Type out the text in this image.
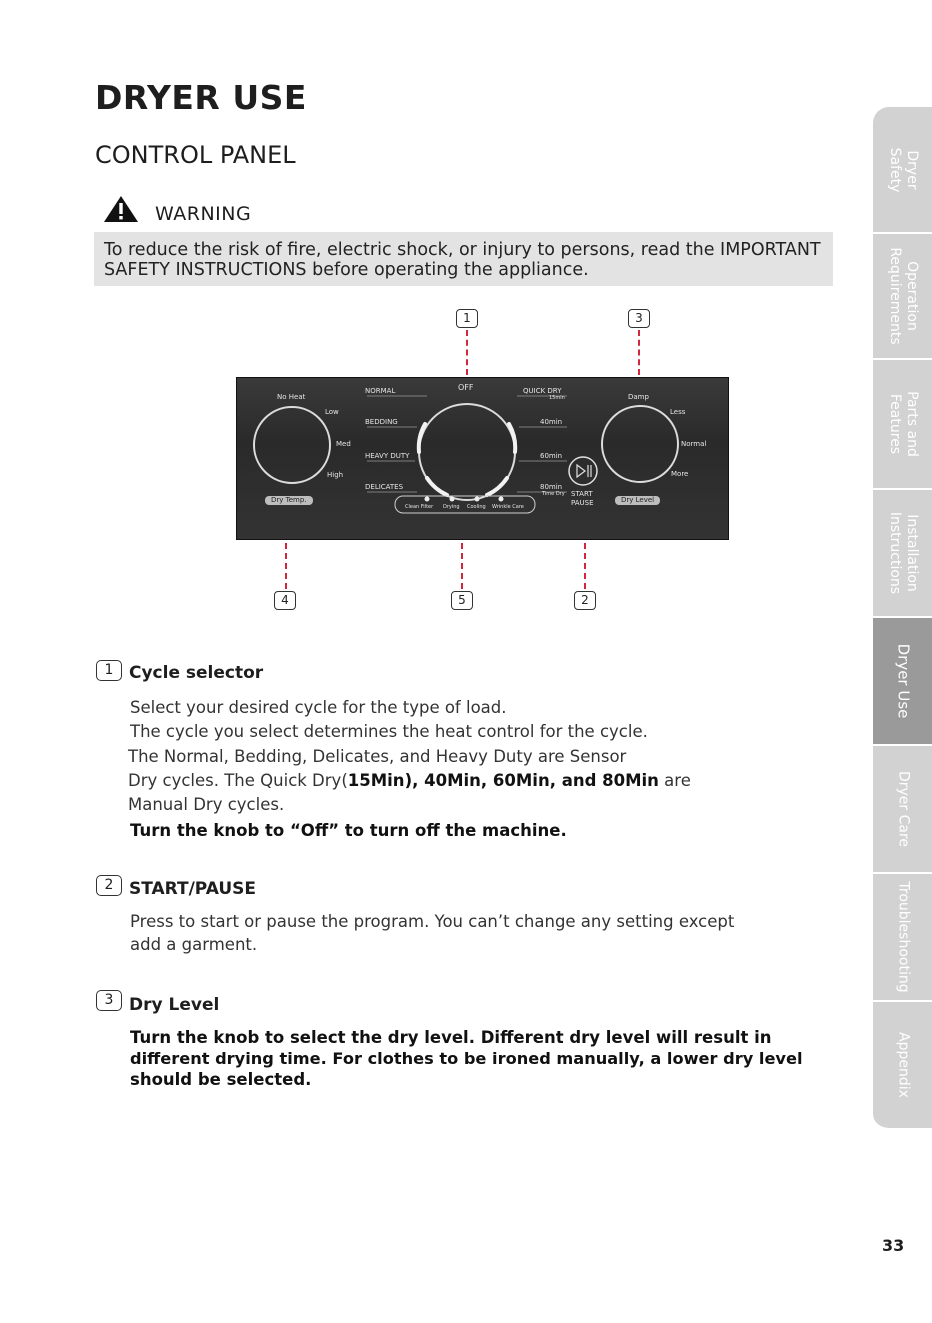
DRYER USE
CONTROL PANEL
WARNING
To reduce the risk of fire, electric shock, or injury to persons, read the IMPORTANT SAFETY INSTRUCTIONS before operating the appliance.
Dryer
Safety
Operation
Requirements
Parts and
Features
Installation
Instructions
Dryer Use
Dryer Care
Troubleshooting
Appendix
1	3
4	5	2
No Heat
Low
Med
High
Dry Temp.
OFF
NORMAL
BEDDING
HEAVY DUTY
DELICATES
QUICK DRY
15min
40min
60min
80min
Time Dry
Clean Filter Drying Cooling Wrinkle Care
START
PAUSE
Damp
Less
Normal
More
Dry Level
1 Cycle selector
Select your desired cycle for the type of load.
The cycle you select determines the heat control for the cycle.
The Normal, Bedding, Delicates, and Heavy Duty are Sensor
Dry cycles. The Quick Dry(15Min), 40Min, 60Min, and 80Min are
Manual Dry cycles.
Turn the knob to “Off” to turn off the machine.
2 START/PAUSE
Press to start or pause the program. You can’t change any setting except
add a garment.
3 Dry Level
Turn the knob to select the dry level. Different dry level will result in
different drying time. For clothes to be ironed manually, a lower dry level
should be selected.
33
